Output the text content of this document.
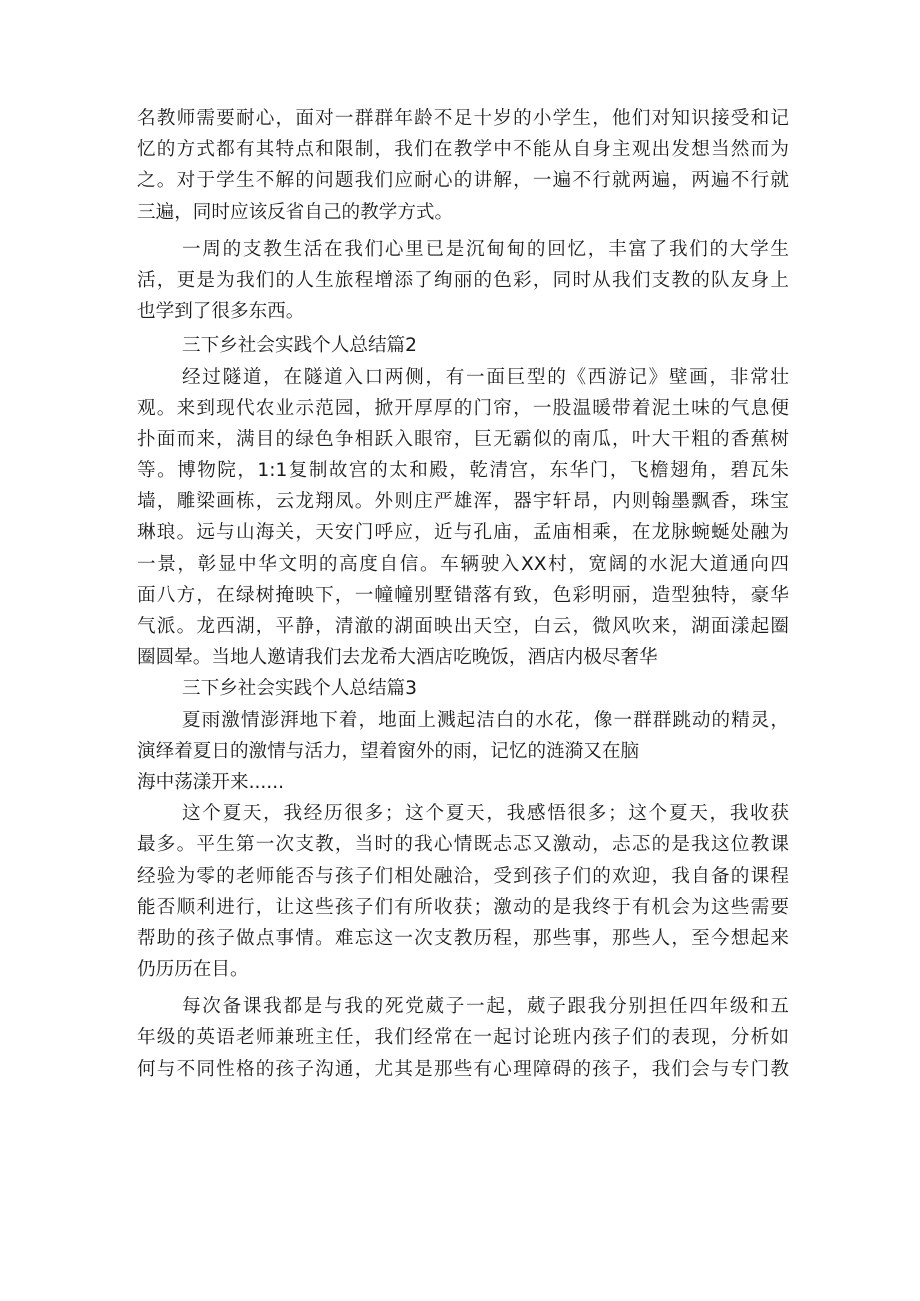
名教师需要耐心，面对一群群年龄不足十岁的小学生，他们对知识接受和记
忆的方式都有其特点和限制，我们在教学中不能从自身主观出发想当然而为
之。对于学生不解的问题我们应耐心的讲解，一遍不行就两遍，两遍不行就
三遍，同时应该反省自己的教学方式。
一周的支教生活在我们心里已是沉甸甸的回忆，丰富了我们的大学生
活，更是为我们的人生旅程增添了绚丽的色彩，同时从我们支教的队友身上
也学到了很多东西。
三下乡社会实践个人总结篇2
经过隧道，在隧道入口两侧，有一面巨型的《西游记》壁画，非常壮
观。来到现代农业示范园，掀开厚厚的门帘，一股温暖带着泥土味的气息便
扑面而来，满目的绿色争相跃入眼帘，巨无霸似的南瓜，叶大干粗的香蕉树
等。博物院，1:1复制故宫的太和殿，乾清宫，东华门，飞檐翅角，碧瓦朱
墙，雕梁画栋，云龙翔凤。外则庄严雄浑，器宇轩昂，内则翰墨飘香，珠宝
琳琅。远与山海关，天安门呼应，近与孔庙，孟庙相乘，在龙脉蜿蜒处融为
一景，彰显中华文明的高度自信。车辆驶入XX村，宽阔的水泥大道通向四
面八方，在绿树掩映下，一幢幢别墅错落有致，色彩明丽，造型独特，豪华
气派。龙西湖，平静，清澈的湖面映出天空，白云，微风吹来，湖面漾起圈
圈圆晕。当地人邀请我们去龙希大酒店吃晚饭，酒店内极尽奢华
三下乡社会实践个人总结篇3
夏雨激情澎湃地下着，地面上溅起洁白的水花，像一群群跳动的精灵，
演绎着夏日的激情与活力，望着窗外的雨，记忆的涟漪又在脑
海中荡漾开来......
这个夏天，我经历很多；这个夏天，我感悟很多；这个夏天，我收获
最多。平生第一次支教，当时的我心情既忐忑又激动，忐忑的是我这位教课
经验为零的老师能否与孩子们相处融洽，受到孩子们的欢迎，我自备的课程
能否顺利进行，让这些孩子们有所收获；激动的是我终于有机会为这些需要
帮助的孩子做点事情。难忘这一次支教历程，那些事，那些人，至今想起来
仍历历在目。
每次备课我都是与我的死党葳子一起，葳子跟我分别担任四年级和五
年级的英语老师兼班主任，我们经常在一起讨论班内孩子们的表现，分析如
何与不同性格的孩子沟通，尤其是那些有心理障碍的孩子，我们会与专门教
